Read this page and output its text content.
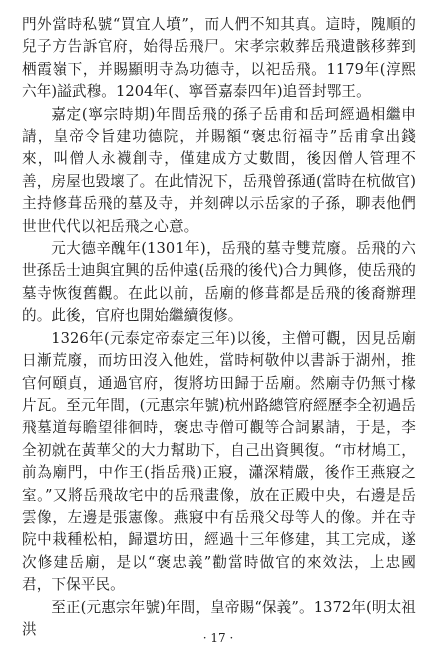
門外當時私號“買宜人墳”，而人們不知其真。這時，隗順的兒子方告訴官府，始得岳飛尸。宋孝宗敕葬岳飛遺骸移葬到栖霞嶺下，并賜顯明寺為功德寺，以祀岳飛。1179年(淳熙六年)謚武穆。1204年(、寧晉嘉泰四年)追晉封鄂王。

嘉定(寧宗時期)年間岳飛的孫子岳甫和岳珂經過相繼申請，皇帝令旨建功德院，并賜額“褒忠衍福寺”岳甫拿出錢來，叫僧人永襪創寺，僅建成方丈數間，後因僧人管理不善，房屋也毀壞了。在此情況下，岳飛曾孫通(當時在杭做官)主持修葺岳飛的墓及寺，并刻碑以示岳家的子孫，聊表他們世世代代以祀岳飛之心意。

元大德辛醜年(1301年)，岳飛的墓寺雙荒廢。岳飛的六世孫岳士迪與宜興的岳仲遠(岳飛的後代)合力興修，使岳飛的墓寺恢復舊觀。在此以前，岳廟的修葺都是岳飛的後裔辦理的。此後，官府也開始繼續復修。

1326年(元泰定帝泰定三年)以後，主僧可觀，因見岳廟日漸荒廢，而坊田沒入他姓，當時柯敬仲以書訴于湖州，推官何頤貞，通過官府，復將坊田歸于岳廟。然廟寺仍無寸椽片瓦。至元年間，(元惠宗年號)杭州路總管府經歷李全初過岳飛墓道每瞻望徘徊時，褒忠寺僧可觀等合詞累請，于是，李全初就在黃華父的大力幫助下，自己出資興復。“市材鳩工，前為廟門，中作王(指岳飛)正寢，瀟深精嚴，後作王燕寢之室。”又將岳飛故宅中的岳飛畫像，放在正殿中央，右邊是岳雲像，左邊是張憲像。燕寢中有岳飛父母等人的像。并在寺院中栽種松柏，歸還坊田，經過十三年修建，其工完成，遂次修建岳廟，是以“褒忠義”勸當時做官的來效法，上忠國君，下保平民。

至正(元惠宗年號)年間，皇帝賜“保義”。1372年(明太祖洪

· 17 ·
